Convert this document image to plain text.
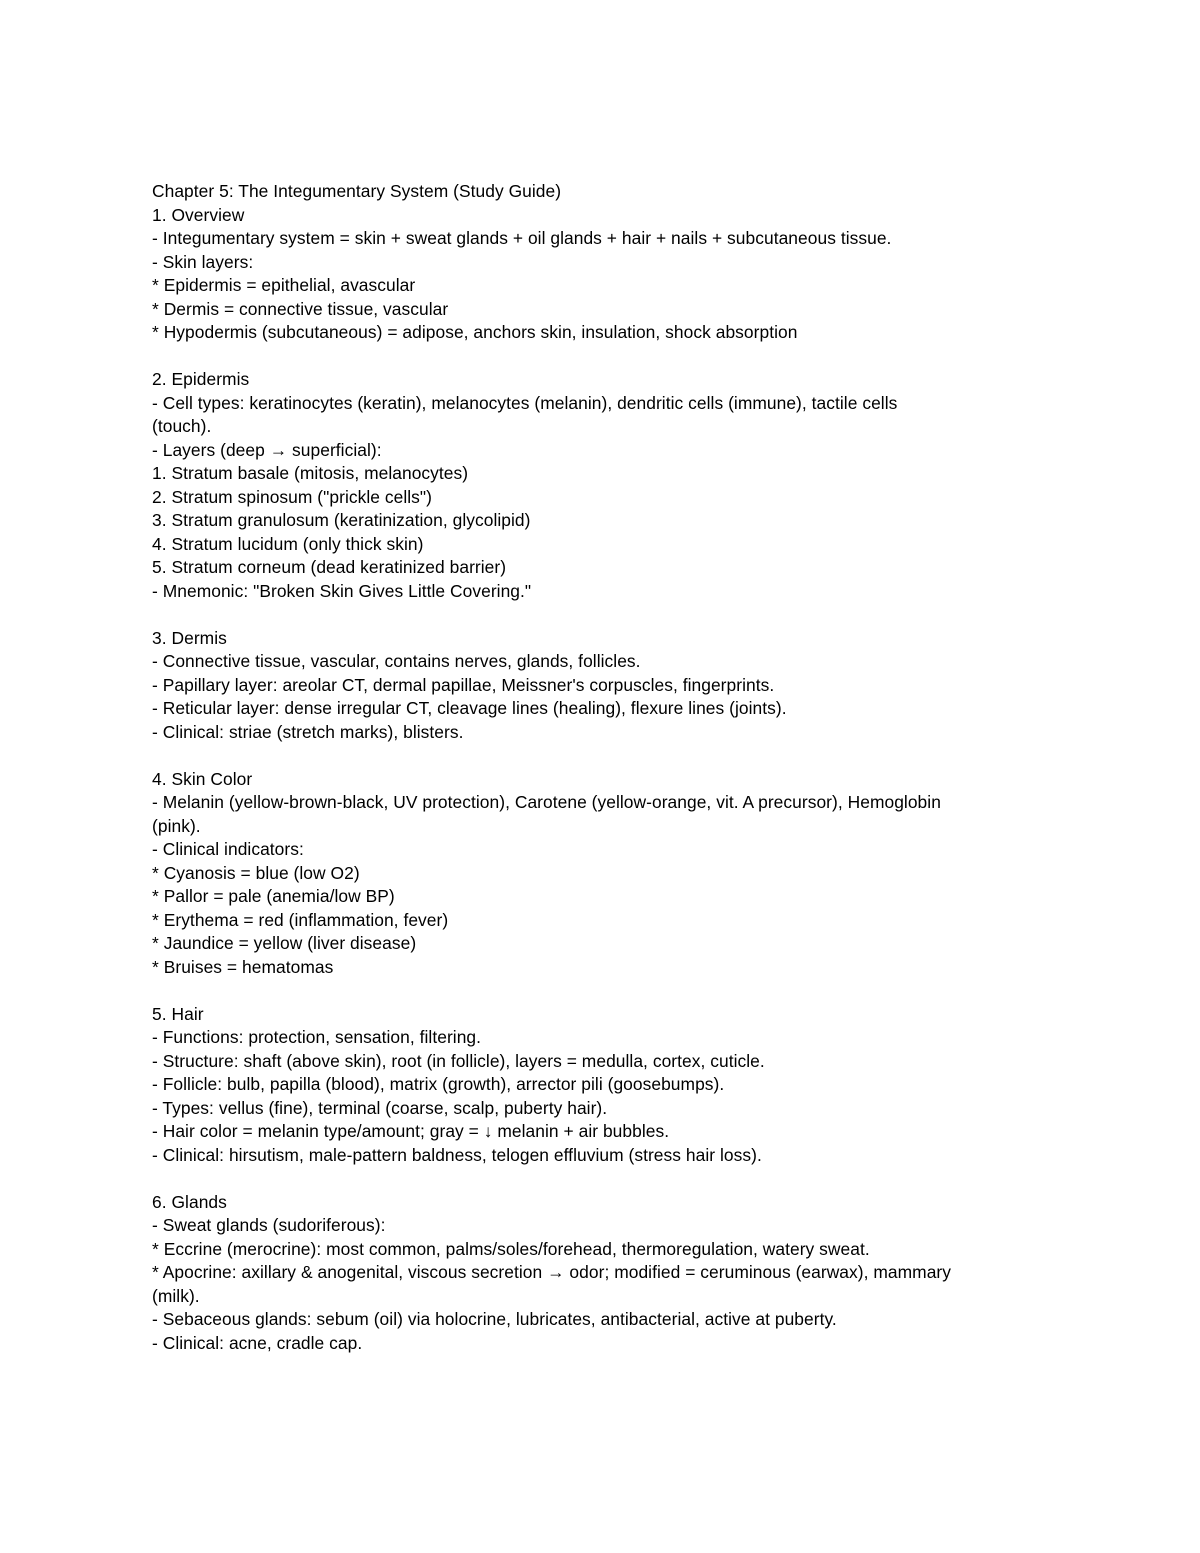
Chapter 5: The Integumentary System (Study Guide)
1. Overview
- Integumentary system = skin + sweat glands + oil glands + hair + nails + subcutaneous tissue.
- Skin layers:
* Epidermis = epithelial, avascular
* Dermis = connective tissue, vascular
* Hypodermis (subcutaneous) = adipose, anchors skin, insulation, shock absorption
2. Epidermis
- Cell types: keratinocytes (keratin), melanocytes (melanin), dendritic cells (immune), tactile cells
(touch).
- Layers (deep → superficial):
1. Stratum basale (mitosis, melanocytes)
2. Stratum spinosum ("prickle cells")
3. Stratum granulosum (keratinization, glycolipid)
4. Stratum lucidum (only thick skin)
5. Stratum corneum (dead keratinized barrier)
- Mnemonic: "Broken Skin Gives Little Covering."
3. Dermis
- Connective tissue, vascular, contains nerves, glands, follicles.
- Papillary layer: areolar CT, dermal papillae, Meissner's corpuscles, fingerprints.
- Reticular layer: dense irregular CT, cleavage lines (healing), flexure lines (joints).
- Clinical: striae (stretch marks), blisters.
4. Skin Color
- Melanin (yellow-brown-black, UV protection), Carotene (yellow-orange, vit. A precursor), Hemoglobin
(pink).
- Clinical indicators:
* Cyanosis = blue (low O2)
* Pallor = pale (anemia/low BP)
* Erythema = red (inflammation, fever)
* Jaundice = yellow (liver disease)
* Bruises = hematomas
5. Hair
- Functions: protection, sensation, filtering.
- Structure: shaft (above skin), root (in follicle), layers = medulla, cortex, cuticle.
- Follicle: bulb, papilla (blood), matrix (growth), arrector pili (goosebumps).
- Types: vellus (fine), terminal (coarse, scalp, puberty hair).
- Hair color = melanin type/amount; gray = ↓ melanin + air bubbles.
- Clinical: hirsutism, male-pattern baldness, telogen effluvium (stress hair loss).
6. Glands
- Sweat glands (sudoriferous):
* Eccrine (merocrine): most common, palms/soles/forehead, thermoregulation, watery sweat.
* Apocrine: axillary & anogenital, viscous secretion → odor; modified = ceruminous (earwax), mammary
(milk).
- Sebaceous glands: sebum (oil) via holocrine, lubricates, antibacterial, active at puberty.
- Clinical: acne, cradle cap.
